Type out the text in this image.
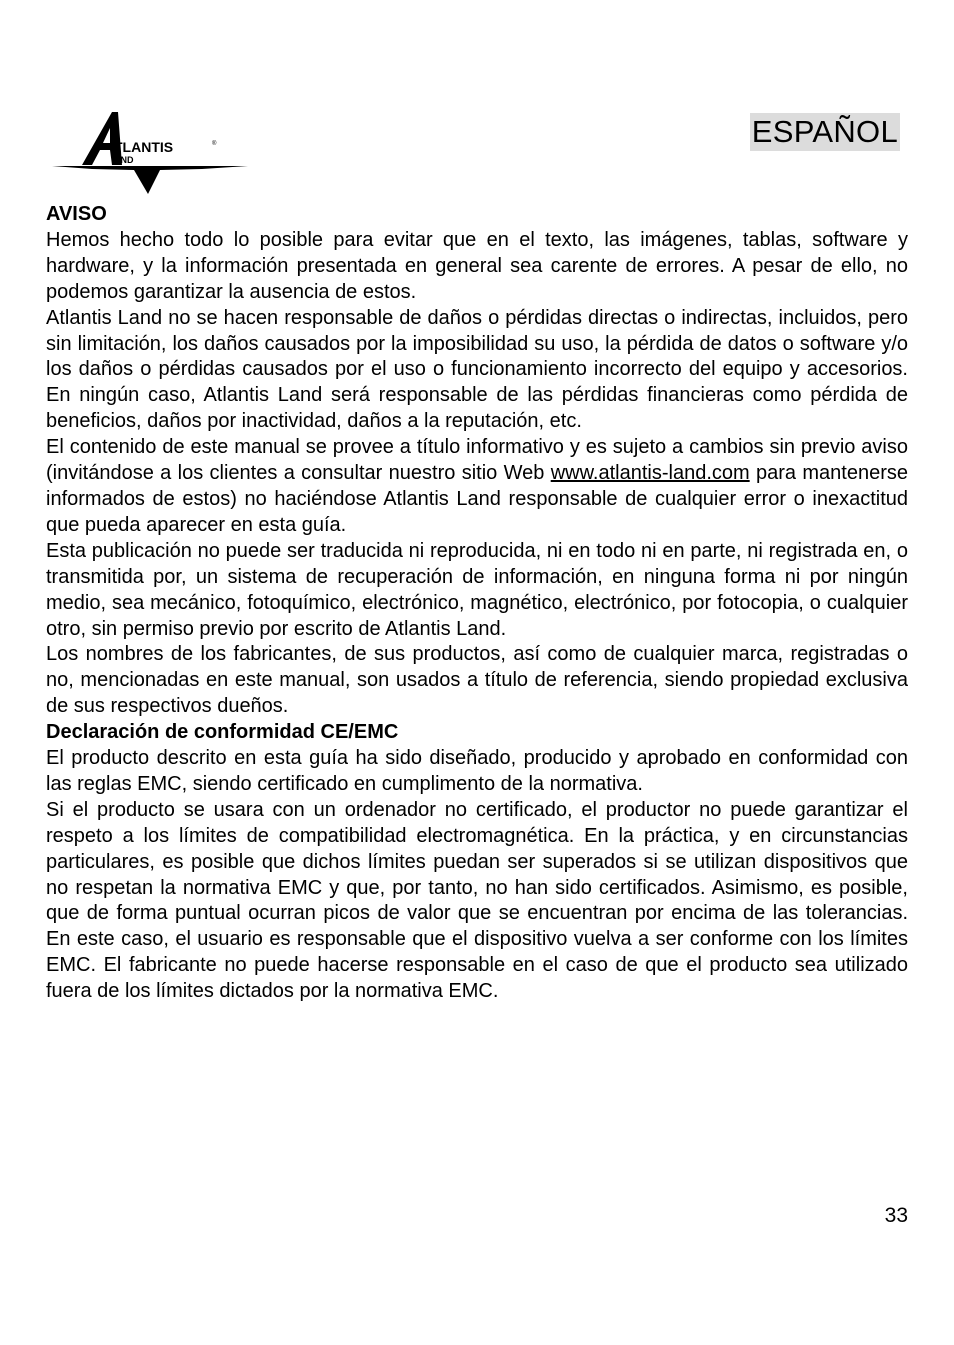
TLANTIS	®
AND
ESPAÑOL
AVISO

Hemos hecho todo lo posible para evitar que en el texto, las imágenes, tablas, software y hardware, y la información presentada en general sea carente de errores. A pesar de ello, no podemos garantizar la ausencia de estos.

Atlantis Land no se hacen responsable de daños o pérdidas directas o indirectas, incluidos, pero sin limitación, los daños causados por la imposibilidad su uso, la pérdida de datos o software y/o los daños o pérdidas causados por el uso o funcionamiento incorrecto del equipo y accesorios. En ningún caso, Atlantis Land será responsable de las pérdidas financieras como pérdida de beneficios, daños por inactividad, daños a la reputación, etc.

El contenido de este manual se provee a título informativo y es sujeto a cambios sin previo aviso (invitándose a los clientes a consultar nuestro sitio Web www.atlantis-land.com para mantenerse informados de estos) no haciéndose Atlantis Land responsable de cualquier error o inexactitud que pueda aparecer en esta guía.

Esta publicación no puede ser traducida ni reproducida, ni en todo ni en parte, ni registrada en, o transmitida por, un sistema de recuperación de información, en ninguna forma ni por ningún medio, sea mecánico, fotoquímico, electrónico, magnético, electrónico, por fotocopia, o cualquier otro, sin permiso previo por escrito de Atlantis Land.

Los nombres de los fabricantes, de sus productos, así como de cualquier marca, registradas o no, mencionadas en este manual, son usados a título de referencia, siendo propiedad exclusiva de sus respectivos dueños.

Declaración de conformidad CE/EMC

El producto descrito en esta guía ha sido diseñado, producido y aprobado en conformidad con las reglas EMC, siendo certificado en cumplimento de la normativa.

Si el producto se usara con un ordenador no certificado, el productor no puede garantizar el respeto a los límites de compatibilidad electromagnética. En la práctica, y en circunstancias particulares, es posible que dichos límites puedan ser superados si se utilizan dispositivos que no respetan la normativa EMC y que, por tanto, no han sido certificados. Asimismo, es posible, que de forma puntual ocurran picos de valor que se encuentran por encima de las tolerancias. En este caso, el usuario es responsable que el dispositivo vuelva a ser conforme con los límites EMC. El fabricante no puede hacerse responsable en el caso de que el producto sea utilizado fuera de los límites dictados por la normativa EMC.

33
